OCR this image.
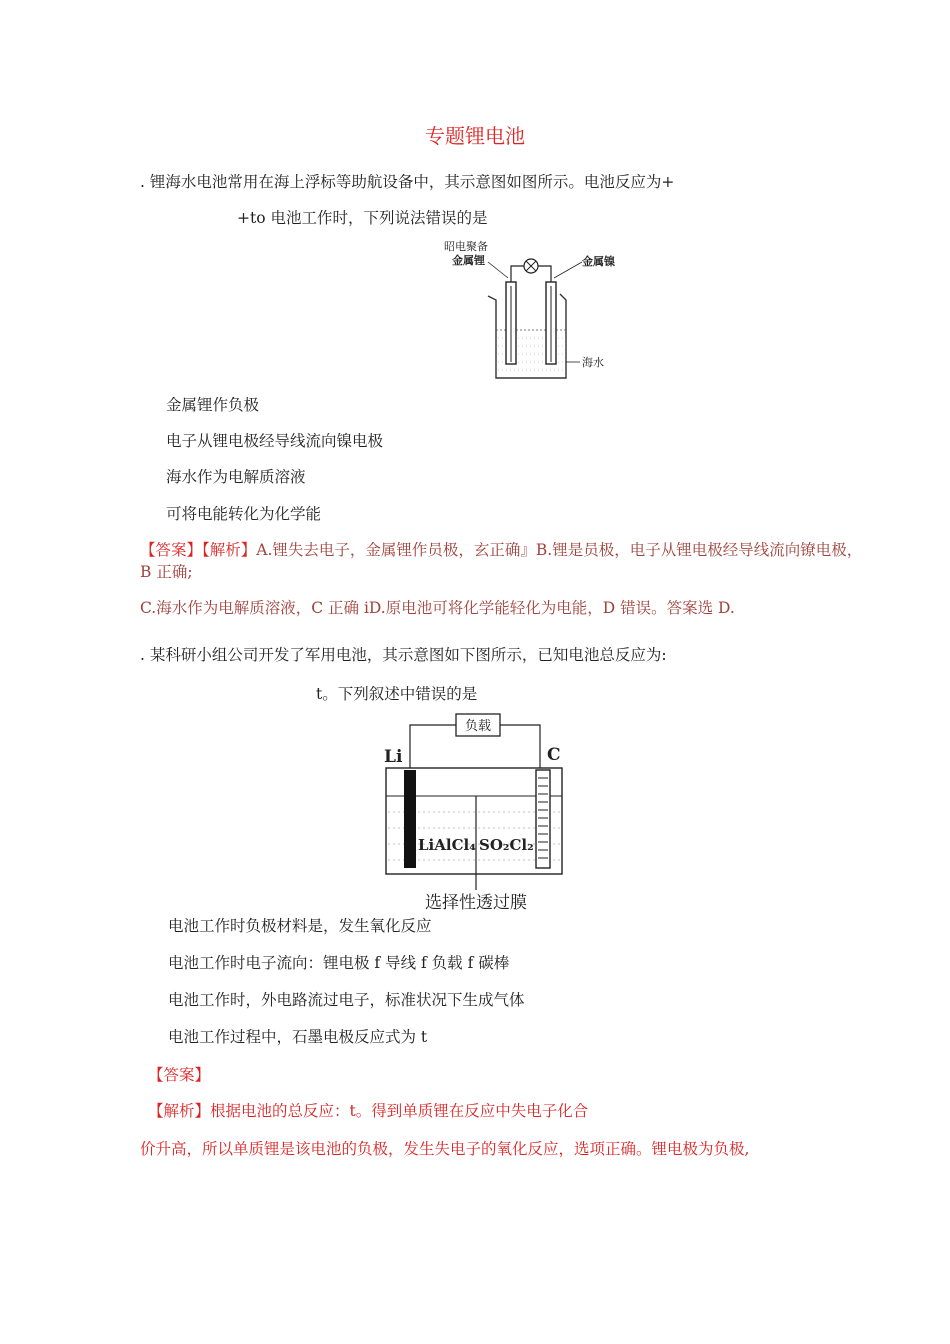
专题锂电池
. 锂海水电池常用在海上浮标等助航设备中，其示意图如图所示。电池反应为+
+to 电池工作时，下列说法错误的是
昭电聚备
金属锂	金属镍
海水
金属锂作负极
电子从锂电极经导线流向镍电极
海水作为电解质溶液
可将电能转化为化学能
【答案】【解析】A.锂失去电子，金属锂作员极，玄正确』B.锂是员极，电子从锂电极经导线流向镣电极，
B 正确;
C.海水作为电解质溶液，C 正确 iD.原电池可将化学能轻化为电能，D 错误。答案选 D.
. 某科研小组公司开发了军用电池，其示意图如下图所示，已知电池总反应为:
t。下列叙述中错误的是
负载
Li	C
LiAlCl₄ SO₂Cl₂
选择性透过膜
电池工作时负极材料是，发生氧化反应
电池工作时电子流向：锂电极 f 导线 f 负载 f 碳棒
电池工作时，外电路流过电子，标准状况下生成气体
电池工作过程中，石墨电极反应式为 t
【答案】
【解析】根据电池的总反应：t。得到单质锂在反应中失电子化合
价升高，所以单质锂是该电池的负极，发生失电子的氧化反应，选项正确。锂电极为负极,
